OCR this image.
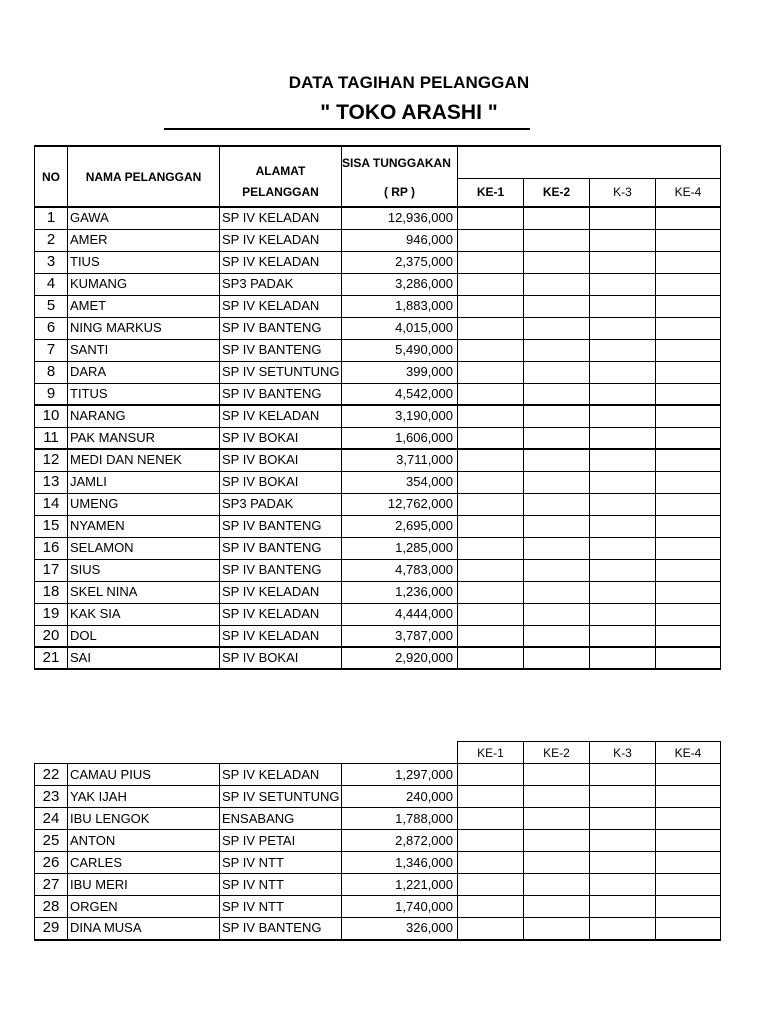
DATA TAGIHAN PELANGGAN
" TOKO ARASHI "
NO	NAMA PELANGGAN	ALAMAT	SISA TUNGGAKAN				
		PELANGGAN	( RP )	KE-1	KE-2	K-3	KE-4
1	GAWA	SP IV KELADAN	12,936,000				
2	AMER	SP IV KELADAN	946,000				
3	TIUS	SP IV KELADAN	2,375,000				
4	KUMANG	SP3 PADAK	3,286,000				
5	AMET	SP IV KELADAN	1,883,000				
6	NING MARKUS	SP IV BANTENG	4,015,000				
7	SANTI	SP IV BANTENG	5,490,000				
8	DARA	SP IV SETUNTUNG	399,000				
9	TITUS	SP IV BANTENG	4,542,000				
10	NARANG	SP IV KELADAN	3,190,000				
11	PAK MANSUR	SP IV BOKAI	1,606,000				
12	MEDI DAN NENEK	SP IV BOKAI	3,711,000				
13	JAMLI	SP IV BOKAI	354,000				
14	UMENG	SP3 PADAK	12,762,000				
15	NYAMEN	SP IV BANTENG	2,695,000				
16	SELAMON	SP IV BANTENG	1,285,000				
17	SIUS	SP IV BANTENG	4,783,000				
18	SKEL NINA	SP IV KELADAN	1,236,000				
19	KAK SIA	SP IV KELADAN	4,444,000				
20	DOL	SP IV KELADAN	3,787,000				
21	SAI	SP IV BOKAI	2,920,000				
				KE-1	KE-2	K-3	KE-4
22	CAMAU PIUS	SP IV KELADAN	1,297,000				
23	YAK IJAH	SP IV SETUNTUNG	240,000				
24	IBU LENGOK	ENSABANG	1,788,000				
25	ANTON	SP IV PETAI	2,872,000				
26	CARLES	SP IV NTT	1,346,000				
27	IBU MERI	SP IV NTT	1,221,000				
28	ORGEN	SP IV NTT	1,740,000				
29	DINA MUSA	SP IV BANTENG	326,000				
